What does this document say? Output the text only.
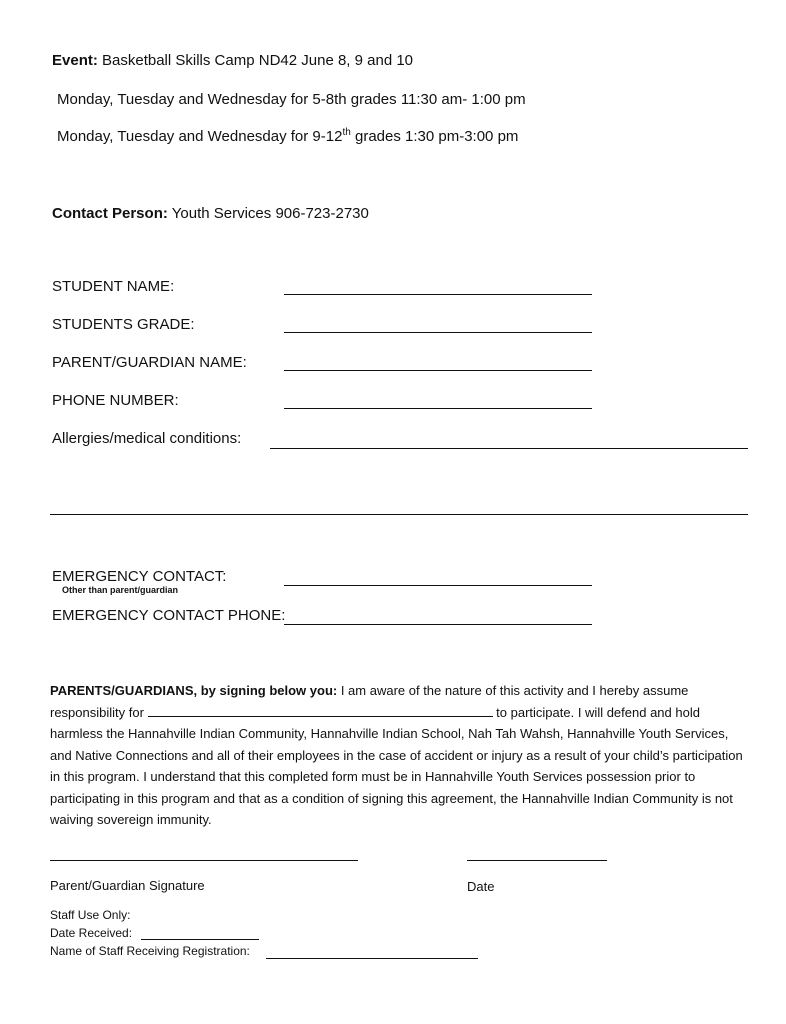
Event: Basketball Skills Camp ND42 June 8, 9 and 10
Monday, Tuesday and Wednesday for 5-8th grades 11:30 am- 1:00 pm
Monday, Tuesday and Wednesday for 9-12th grades 1:30 pm-3:00 pm
Contact Person: Youth Services 906-723-2730
STUDENT NAME:
STUDENTS GRADE:
PARENT/GUARDIAN NAME:
PHONE NUMBER:
Allergies/medical conditions:
EMERGENCY CONTACT:
Other than parent/guardian
EMERGENCY CONTACT PHONE:
PARENTS/GUARDIANS, by signing below you: I am aware of the nature of this activity and I hereby assume responsibility for	to participate. I will defend and hold harmless the Hannahville Indian Community, Hannahville Indian School, Nah Tah Wahsh, Hannahville Youth Services, and Native Connections and all of their employees in the case of accident or injury as a result of your child’s participation in this program. I understand that this completed form must be in Hannahville Youth Services possession prior to participating in this program and that as a condition of signing this agreement, the Hannahville Indian Community is not waiving sovereign immunity.
Parent/Guardian Signature	Date
Staff Use Only:
Date Received:
Name of Staff Receiving Registration:
